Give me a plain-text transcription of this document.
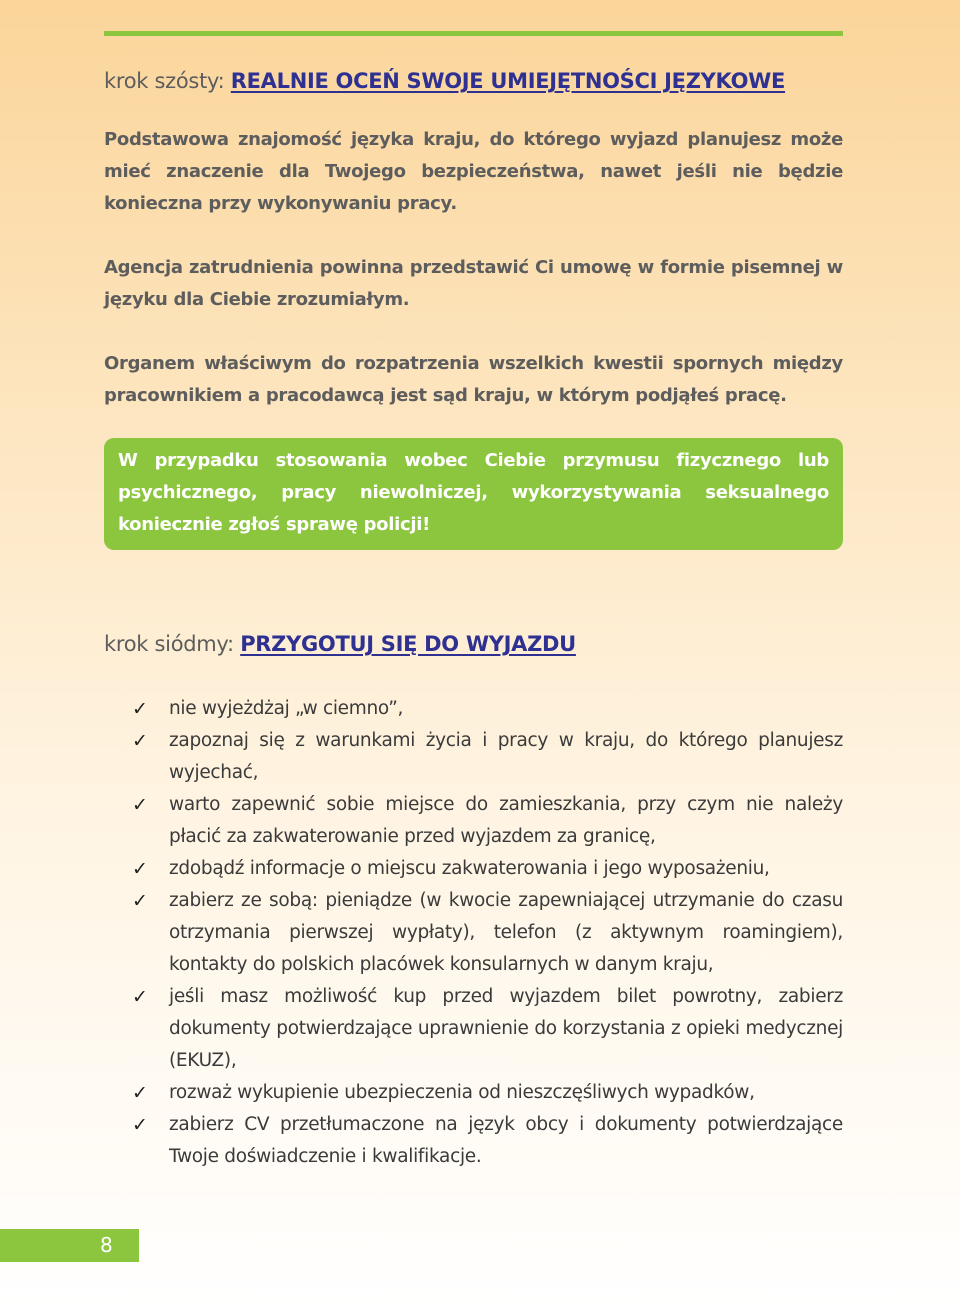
krok szósty: REALNIE OCEŃ SWOJE UMIEJĘTNOŚCI JĘZYKOWE

Podstawowa znajomość języka kraju, do którego wyjazd planujesz może mieć znaczenie dla Twojego bezpieczeństwa, nawet jeśli nie będzie konieczna przy wykonywaniu pracy.

Agencja zatrudnienia powinna przedstawić Ci umowę w formie pisemnej w języku dla Ciebie zrozumiałym.

Organem właściwym do rozpatrzenia wszelkich kwestii spornych między pracownikiem a pracodawcą jest sąd kraju, w którym podjąłeś pracę.

W przypadku stosowania wobec Ciebie przymusu fizycznego lub psychicznego, pracy niewolniczej, wykorzystywania seksualnego koniecznie zgłoś sprawę policji!

krok siódmy: PRZYGOTUJ SIĘ DO WYJAZDU
✓ nie wyjeżdżaj „w ciemno”,
✓ zapoznaj się z warunkami życia i pracy w kraju, do którego planujesz wyjechać,
✓ warto zapewnić sobie miejsce do zamieszkania, przy czym nie należy płacić za zakwaterowanie przed wyjazdem za granicę,
✓ zdobądź informacje o miejscu zakwaterowania i jego wyposażeniu,
✓ zabierz ze sobą: pieniądze (w kwocie zapewniającej utrzymanie do czasu otrzymania pierwszej wypłaty), telefon (z aktywnym roamingiem), kontakty do polskich placówek konsularnych w danym kraju,
✓ jeśli masz możliwość kup przed wyjazdem bilet powrotny, zabierz dokumenty potwierdzające uprawnienie do korzystania z opieki medycznej (EKUZ),
✓ rozważ wykupienie ubezpieczenia od nieszczęśliwych wypadków,
✓ zabierz CV przetłumaczone na język obcy i dokumenty potwierdzające Twoje doświadczenie i kwalifikacje.
8
